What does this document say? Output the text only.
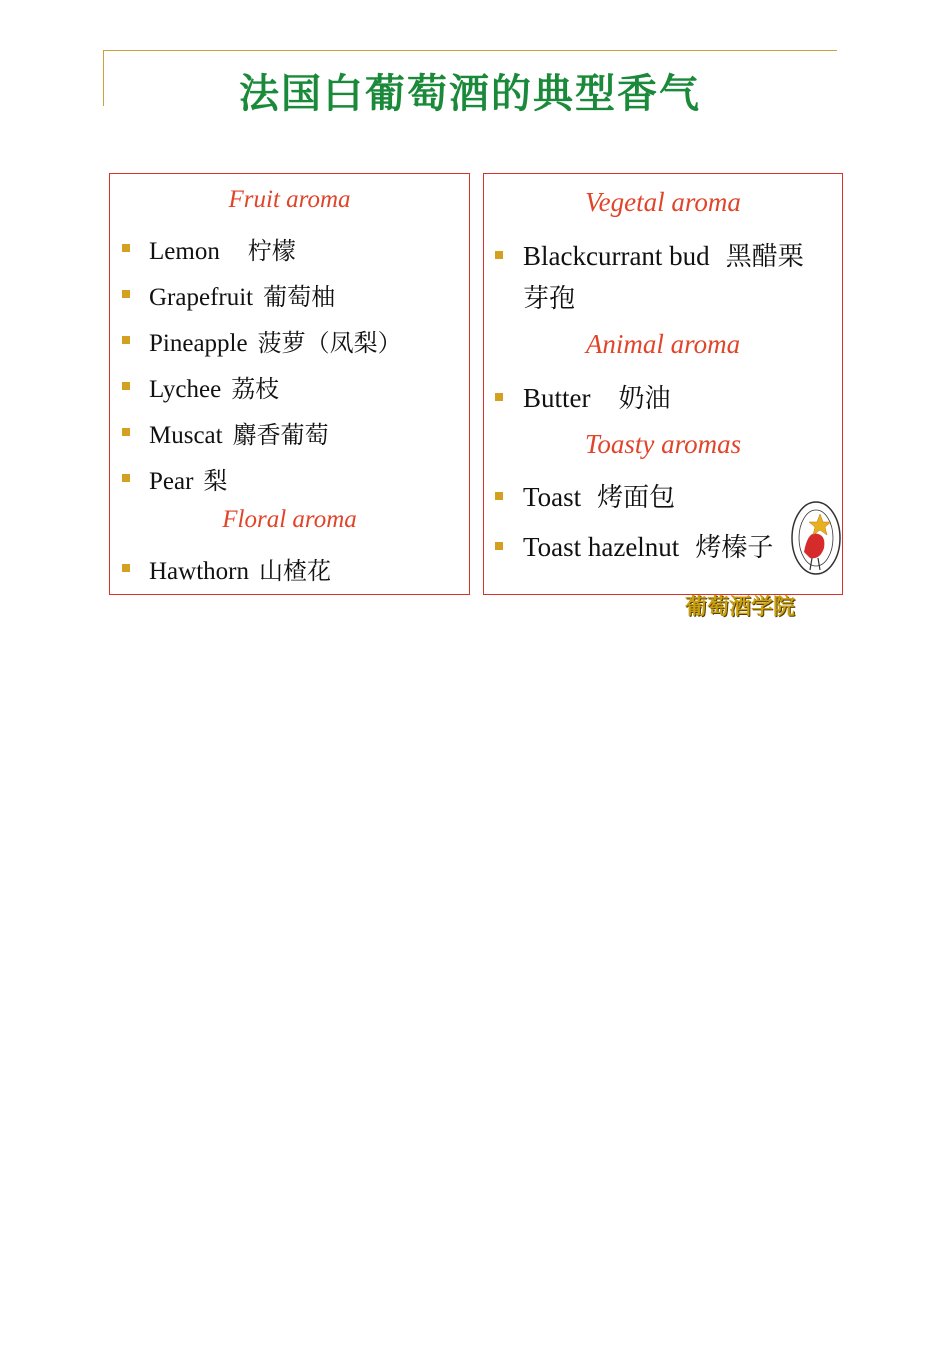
法国白葡萄酒的典型香气
Fruit aroma
Lemon 柠檬
Grapefruit 葡萄柚
Pineapple 菠萝（凤梨）
Lychee 荔枝
Muscat 麝香葡萄
Pear 梨
Floral aroma
Hawthorn 山楂花
Vegetal aroma
Blackcurrant bud 黑醋栗
芽孢
Animal aroma
Butter 奶油
Toasty aromas
Toast 烤面包
Toast hazelnut 烤榛子
葡萄酒学院
